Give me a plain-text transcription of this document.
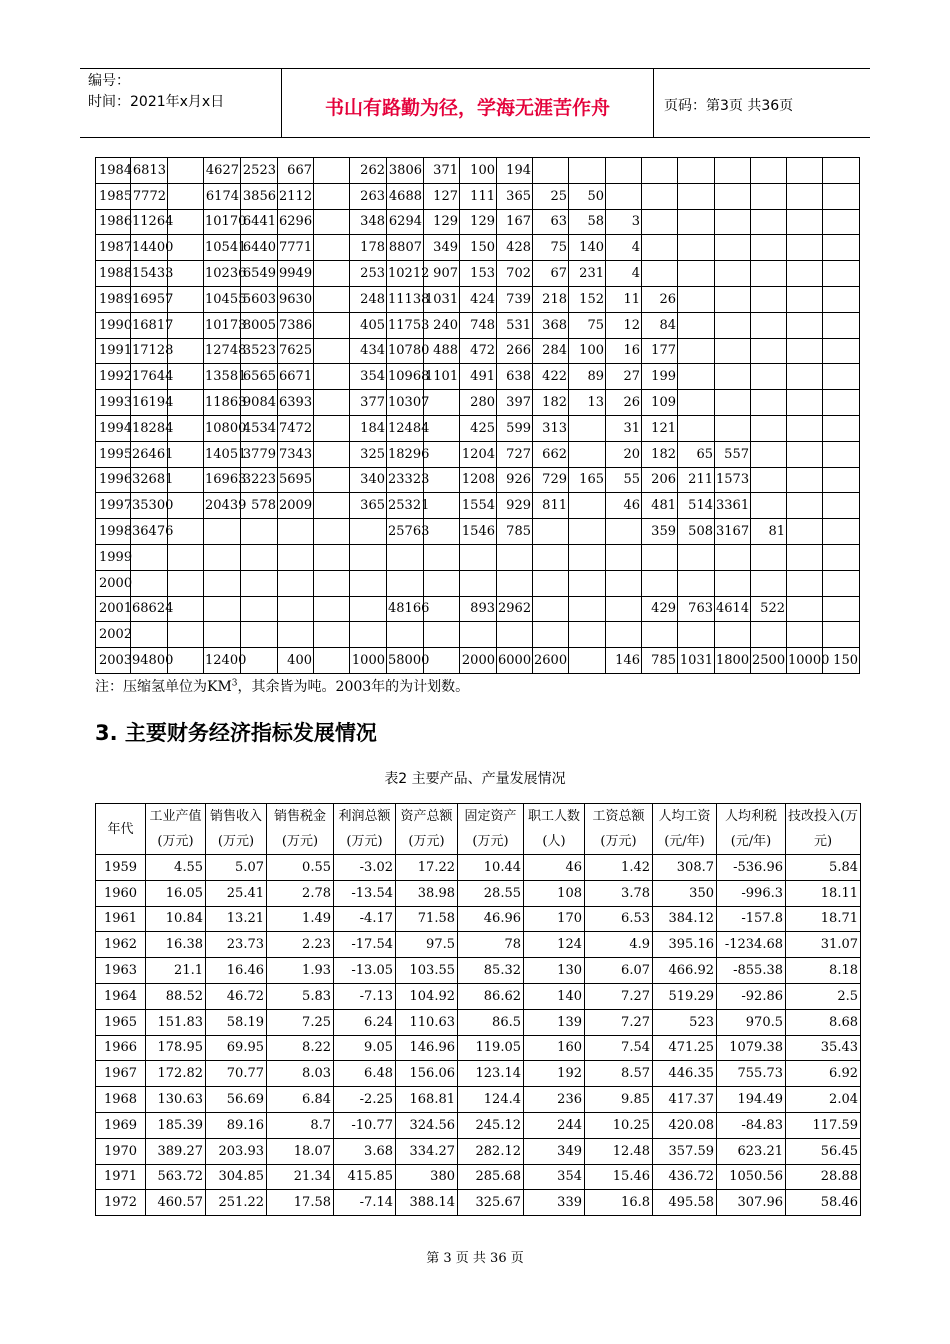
编号：
时间：2021年x月x日	书山有路勤为径，学海无涯苦作舟	页码：第3页 共36页
1984	6813		4627	2523	667		262	3806	371	100	194									
1985	7772		6174	3856	2112		263	4688	127	111	365	25	50							
1986	11264		10170	6441	6296		348	6294	129	129	167	63	58	3						
1987	14400		10541	6440	7771		178	8807	349	150	428	75	140	4						
1988	15433		10236	6549	9949		253	10212	907	153	702	67	231	4						
1989	16957		10455	5603	9630		248	11138	1031	424	739	218	152	11	26					
1990	16817		10173	8005	7386		405	11753	240	748	531	368	75	12	84					
1991	17128		12748	3523	7625		434	10780	488	472	266	284	100	16	177					
1992	17644		13581	6565	6671		354	10968	1101	491	638	422	89	27	199					
1993	16194		11863	9084	6393		377	10307		280	397	182	13	26	109					
1994	18284		10800	4534	7472		184	12484		425	599	313		31	121					
1995	26461		14051	3779	7343		325	18296		1204	727	662		20	182	65	557			
1996	32681		16963	3223	5695		340	23323		1208	926	729	165	55	206	211	1573			
1997	35300		20439	578	2009		365	25321		1554	929	811		46	481	514	3361			
1998	36476							25763		1546	785				359	508	3167	81		
1999																				
2000																				
2001	68624							48166		893	2962				429	763	4614	522		
2002																				
2003	94800		12400		400		1000	58000		2000	6000	2600		146	785	1031	1800	2500	10000	150
注：压缩氢单位为$KM^3$，其余皆为吨。2003年的为计划数。
3. 主要财务经济指标发展情况
表2 主要产品、产量发展情况
年代	工业产值(万元)	销售收入(万元)	销售税金(万元)	利润总额(万元)	资产总额(万元)	固定资产(万元)	职工人数(人)	工资总额(万元)	人均工资(元/年)	人均利税(元/年)	技改投入(万元)
1959	4.55	5.07	0.55	-3.02	17.22	10.44	46	1.42	308.7	-536.96	5.84
1960	16.05	25.41	2.78	-13.54	38.98	28.55	108	3.78	350	-996.3	18.11
1961	10.84	13.21	1.49	-4.17	71.58	46.96	170	6.53	384.12	-157.8	18.71
1962	16.38	23.73	2.23	-17.54	97.5	78	124	4.9	395.16	-1234.68	31.07
1963	21.1	16.46	1.93	-13.05	103.55	85.32	130	6.07	466.92	-855.38	8.18
1964	88.52	46.72	5.83	-7.13	104.92	86.62	140	7.27	519.29	-92.86	2.5
1965	151.83	58.19	7.25	6.24	110.63	86.5	139	7.27	523	970.5	8.68
1966	178.95	69.95	8.22	9.05	146.96	119.05	160	7.54	471.25	1079.38	35.43
1967	172.82	70.77	8.03	6.48	156.06	123.14	192	8.57	446.35	755.73	6.92
1968	130.63	56.69	6.84	-2.25	168.81	124.4	236	9.85	417.37	194.49	2.04
1969	185.39	89.16	8.7	-10.77	324.56	245.12	244	10.25	420.08	-84.83	117.59
1970	389.27	203.93	18.07	3.68	334.27	282.12	349	12.48	357.59	623.21	56.45
1971	563.72	304.85	21.34	415.85	380	285.68	354	15.46	436.72	1050.56	28.88
1972	460.57	251.22	17.58	-7.14	388.14	325.67	339	16.8	495.58	307.96	58.46
第 3 页 共 36 页
